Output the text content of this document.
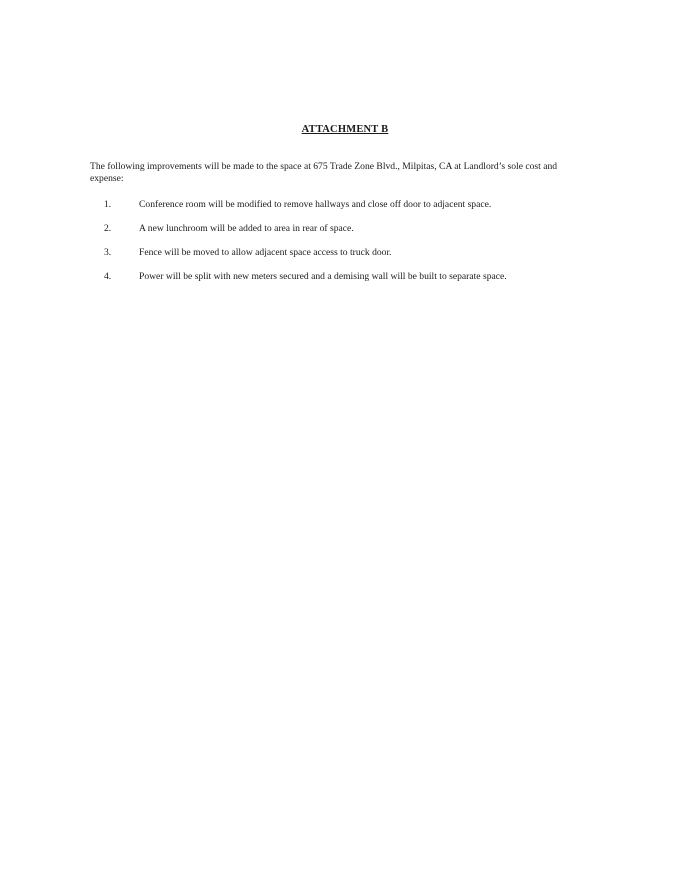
ATTACHMENT B
The following improvements will be made to the space at 675 Trade Zone Blvd., Milpitas, CA at Landlord’s sole cost and expense:
1.	Conference room will be modified to remove hallways and close off door to adjacent space.
2.	A new lunchroom will be added to area in rear of space.
3.	Fence will be moved to allow adjacent space access to truck door.
4.	Power will be split with new meters secured and a demising wall will be built to separate space.
